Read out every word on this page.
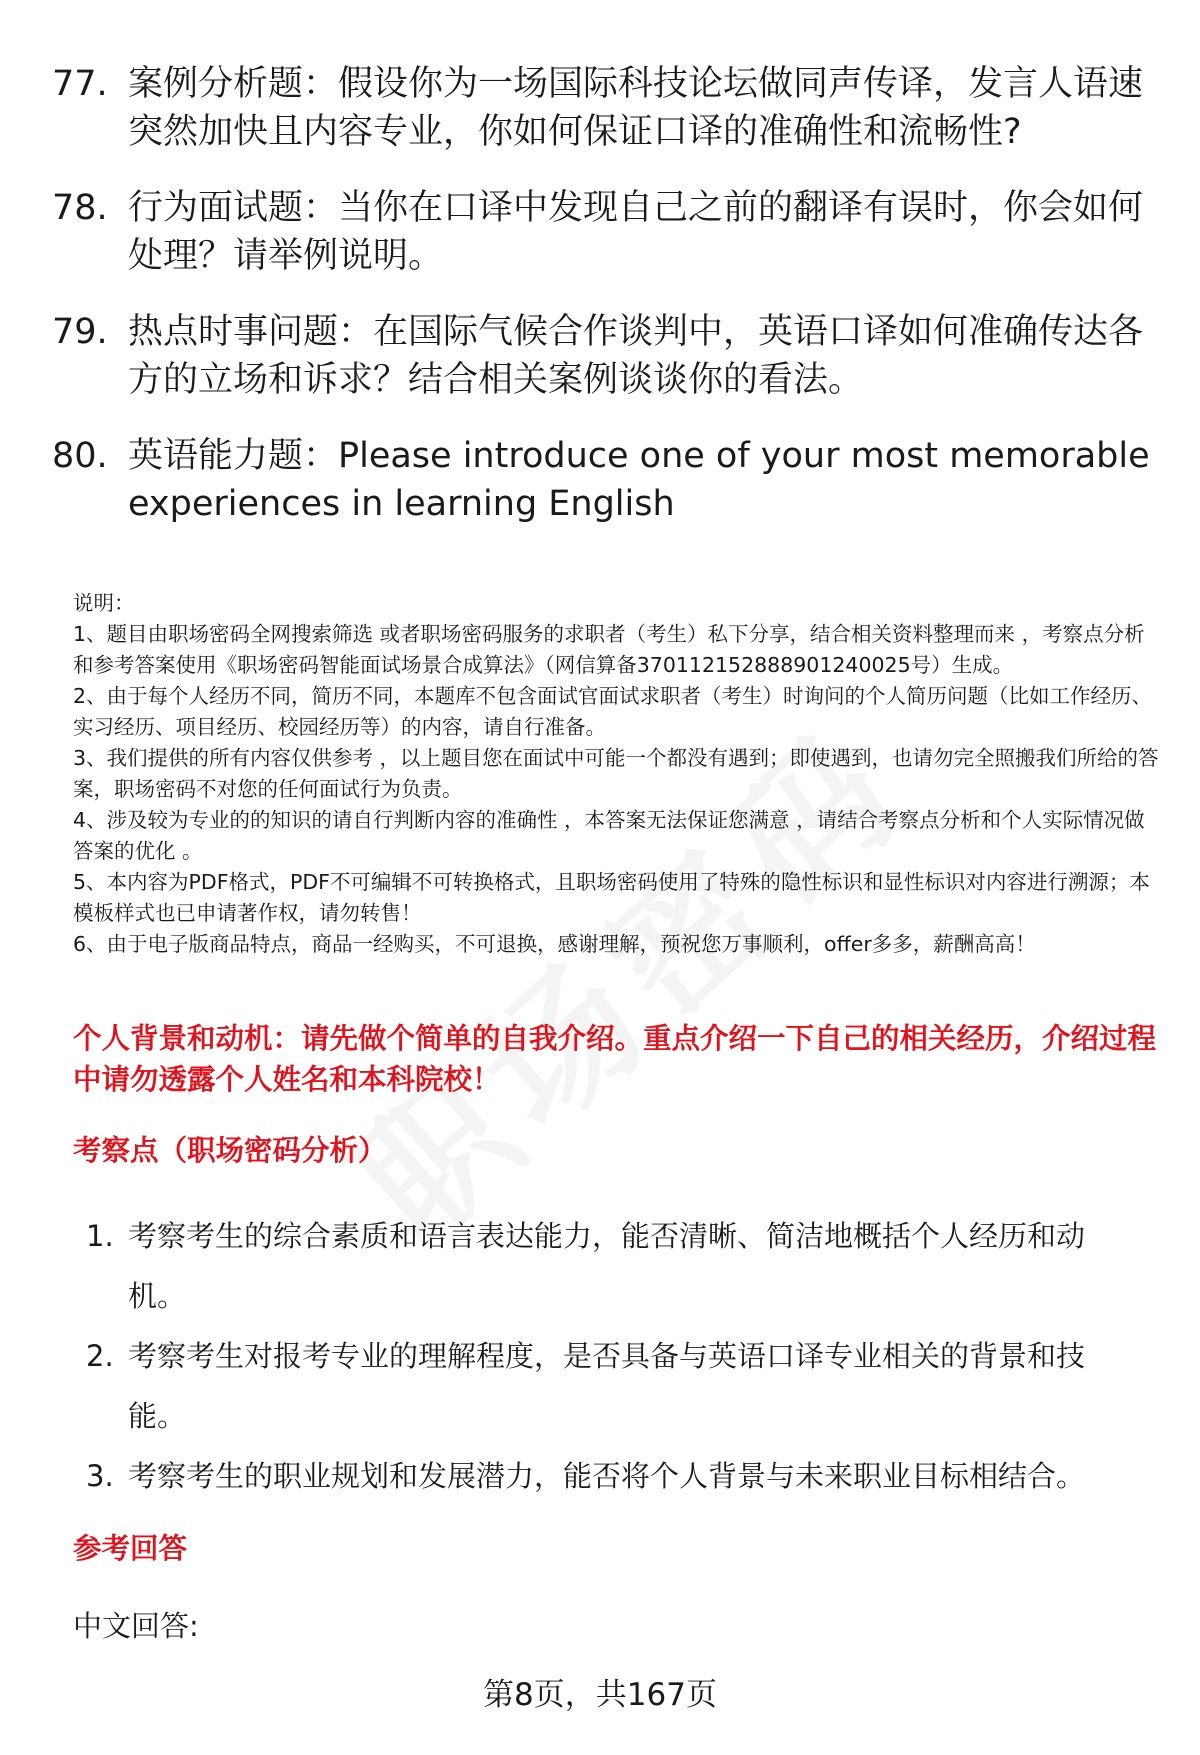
77. 案例分析题：假设你为一场国际科技论坛做同声传译，发言人语速突然加快且内容专业，你如何保证口译的准确性和流畅性?
78. 行为面试题：当你在口译中发现自己之前的翻译有误时，你会如何处理？请举例说明。
79. 热点时事问题：在国际气候合作谈判中，英语口译如何准确传达各方的立场和诉求？结合相关案例谈谈你的看法。
80. 英语能力题：Please introduce one of your most memorable experiences in learning English

说明：

1、题目由职场密码全网搜索筛选 或者职场密码服务的求职者（考生）私下分享，结合相关资料整理而来 ，考察点分析和参考答案使用《职场密码智能面试场景合成算法》（网信算备370112152888901240025号）生成。

2、由于每个人经历不同，简历不同，本题库不包含面试官面试求职者（考生）时询问的个人简历问题（比如工作经历、实习经历、项目经历、校园经历等）的内容，请自行准备。

3、我们提供的所有内容仅供参考 ，以上题目您在面试中可能一个都没有遇到；即使遇到，也请勿完全照搬我们所给的答案，职场密码不对您的任何面试行为负责。

4、涉及较为专业的的知识的请自行判断内容的准确性 ，本答案无法保证您满意 ，请结合考察点分析和个人实际情况做答案的优化 。

5、本内容为PDF格式，PDF不可编辑不可转换格式，且职场密码使用了特殊的隐性标识和显性标识对内容进行溯源；本模板样式也已申请著作权，请勿转售！

6、由于电子版商品特点，商品一经购买，不可退换，感谢理解，预祝您万事顺利，offer多多，薪酬高高！

个人背景和动机：请先做个简单的自我介绍。重点介绍一下自己的相关经历，介绍过程中请勿透露个人姓名和本科院校！

考察点（职场密码分析）

1. 考察考生的综合素质和语言表达能力，能否清晰、简洁地概括个人经历和动机。
2. 考察考生对报考专业的理解程度，是否具备与英语口译专业相关的背景和技能。
3. 考察考生的职业规划和发展潜力，能否将个人背景与未来职业目标相结合。

参考回答

中文回答:
第8页，共167页
